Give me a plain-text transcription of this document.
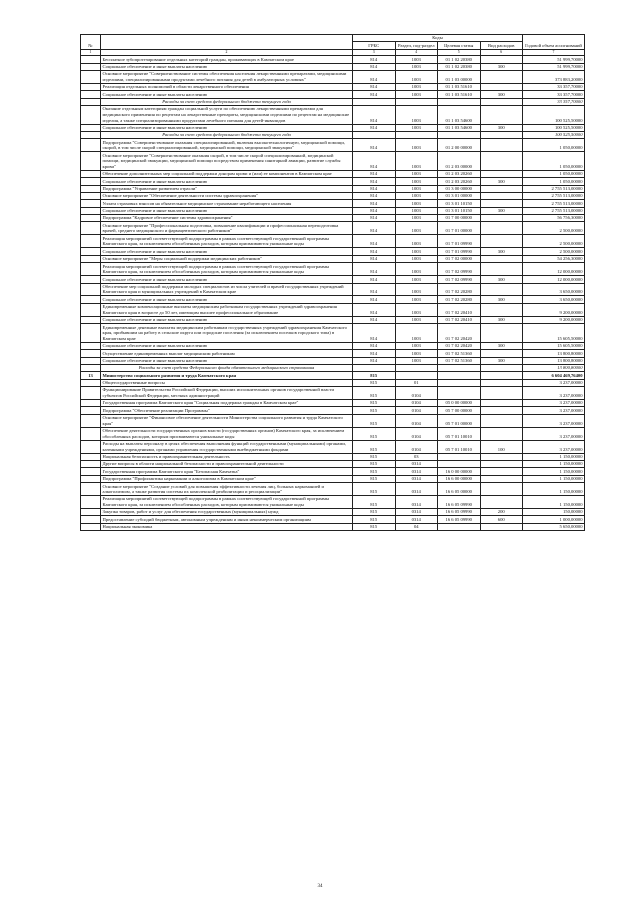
№		Коды				Годовой объем ассигнований
		ГРБС	Раздел, под-раздел	Целевая статья	Вид расходов	
1	2	3	4	5	6	7
	Бесплатное зубопротезирование отдельных категорий граждан, проживающих в Камчатском крае	814	1003	01 1 02 20380		51 999,70000
	Социальное обеспечение и иные выплаты населению	814	1003	01 1 02 20380	300	51 999,70000
	Основное мероприятие "Совершенствование системы обеспечения населения лекарственными препаратами, медицинскими изделиями, специализированными продуктами лечебного питания для детей в амбулаторных условиях"	814	1003	01 1 03 00000		373 883,20000
	Реализация отдельных полномочий в области лекарственного обеспечения	814	1003	01 1 03 51610		33 357,70000
	Социальное обеспечение и иные выплаты населению	814	1003	01 1 03 51610	300	33 357,70000
	Расходы за счет средств федерального бюджета текущего года					33 357,70000
	Оказание отдельным категориям граждан социальной услуги по обеспечению лекарственными препаратами для медицинского применения по рецептам на лекарственные препараты, медицинскими изделиями по рецептам на медицинские изделия, а также специализированными продуктами лечебного питания для детей-инвалидов	814	1003	01 1 03 54600		100 525,50000
	Социальное обеспечение и иные выплаты населению	814	1003	01 1 03 54600	300	100 525,50000
	Расходы за счет средств федерального бюджета текущего года					100 525,50000
	Подпрограмма "Совершенствование оказания специализированной, включая высокотехнологичную, медицинской помощи, скорой, в том числе скорой специализированной, медицинской помощи, медицинской эвакуации"	814	1003	01 2 00 00000		1 050,00000
	Основное мероприятие "Совершенствование оказания скорой, в том числе скорой специализированной, медицинской помощи, медицинской эвакуации, медицинской помощи посредством применения санитарной авиации, развитие службы крови"	814	1003	01 2 03 00000		1 050,00000
	Обеспечение дополнительных мер социальной поддержки донорам крови и (или) ее компонентов в Камчатском крае	814	1003	01 2 03 20260		1 050,00000
	Социальное обеспечение и иные выплаты населению	814	1003	01 2 03 20260	300	1 050,00000
	Подпрограмма "Управление развитием отрасли"	814	1003	01 3 00 00000		2 755 513,00000
	Основное мероприятие "Обеспечение деятельности системы здравоохранения"	814	1003	01 3 01 00000		2 755 513,00000
	Уплата страховых взносов на обязательное медицинское страхование неработающего населения	814	1003	01 3 01 10150		2 755 513,00000
	Социальное обеспечение и иные выплаты населению	814	1003	01 3 01 10150	300	2 755 513,00000
	Подпрограмма "Кадровое обеспечение системы здравоохранения"	814	1003	01 7 00 00000		56 756,30000
	Основное мероприятие "Профессиональная подготовка, повышение квалификации и профессиональная переподготовка врачей, среднего медицинского и фармацевтического работников"	814	1003	01 7 01 00000		2 500,00000
	Реализация мероприятий соответствующей подпрограммы в рамках соответствующей государственной программы Камчатского края, за исключением обособленных расходов, которым присваиваются уникальные коды	814	1003	01 7 01 09990		2 500,00000
	Социальное обеспечение и иные выплаты населению	814	1003	01 7 01 09990	300	2 500,00000
	Основное мероприятие "Меры социальной поддержки медицинских работников"	814	1003	01 7 02 00000		54 256,30000
	Реализация мероприятий соответствующей подпрограммы в рамках соответствующей государственной программы Камчатского края, за исключением обособленных расходов, которым присваиваются уникальные коды	814	1003	01 7 02 09990		12 000,00000
	Социальное обеспечение и иные выплаты населению	814	1003	01 7 02 09990	300	12 000,00000
	Обеспечение мер социальной поддержки молодых специалистов из числа учителей и врачей государственных учреждений Камчатского края и муниципальных учреждений в Камчатском крае	814	1003	01 7 02 20280		3 650,00000
	Социальное обеспечение и иные выплаты населению	814	1003	01 7 02 20280	300	3 650,00000
	Единовременные компенсационные выплаты медицинским работникам государственных учреждений здравоохранения Камчатского края в возрасте до 50 лет, имеющим высшее профессиональное образование	814	1003	01 7 02 20410		9 200,00000
	Социальное обеспечение и иные выплаты населению	814	1003	01 7 02 20410	300	9 200,00000
	Единовременные денежные выплаты медицинским работникам государственных учреждений здравоохранения Камчатского края, прибывшим на работу в сельские округа или городские поселения (за исключением поселков городского типа) в Камчатском крае	814	1003	01 7 02 20420		15 605,50000
	Социальное обеспечение и иные выплаты населению	814	1003	01 7 02 20420	300	15 605,50000
	Осуществление единовременных выплат медицинским работникам	814	1003	01 7 02 51360		13 800,80000
	Социальное обеспечение и иные выплаты населению	814	1003	01 7 02 51360	300	13 800,80000
	Расходы за счет средств Федерального фонда обязательного медицинского страхования					13 800,80000
13	Министерство социального развития и труда Камчатского края	815				6 604 469,76400
	Общегосударственные вопросы	815	01			3 237,00000
	Функционирование Правительства Российской Федерации, высших исполнительных органов государственной власти субъектов Российской Федерации, местных администраций	815	0104			3 237,00000
	Государственная программа Камчатского края "Социальная поддержка граждан в Камчатском крае"	815	0104	05 0 00 00000		3 237,00000
	Подпрограмма "Обеспечение реализации Программы"	815	0104	05 7 00 00000		3 237,00000
	Основное мероприятие "Финансовое обеспечение деятельности Министерства социального развития и труда Камчатского края"	815	0104	05 7 01 00000		3 237,00000
	Обеспечение деятельности государственных органов власти (государственных органов) Камчатского края, за исключением обособленных расходов, которым присваиваются уникальные коды	815	0104	05 7 01 10010		3 237,00000
	Расходы на выплаты персоналу в целях обеспечения выполнения функций государственными (муниципальными) органами, казенными учреждениями, органами управления государственными внебюджетными фондами	815	0104	05 7 01 10010	100	3 237,00000
	Национальная безопасность и правоохранительная деятельность	815	03			1 150,00000
	Другие вопросы в области национальной безопасности и правоохранительной деятельности	815	0314			1 150,00000
	Государственная программа Камчатского края "Безопасная Камчатка"	815	0314	16 0 00 00000		1 150,00000
	Подпрограмма "Профилактика наркомании и алкоголизма в Камчатском крае"	815	0314	16 6 00 00000		1 150,00000
	Основное мероприятие "Создание условий для повышения эффективности лечения лиц, больных наркоманией и алкоголизмом, а также развития системы их комплексной реабилитации и ресоциализации"	815	0314	16 6 05 00000		1 150,00000
	Реализация мероприятий соответствующей подпрограммы в рамках соответствующей государственной программы Камчатского края, за исключением обособленных расходов, которым присваиваются уникальные коды	815	0314	16 6 05 09990		1 150,00000
	Закупка товаров, работ и услуг для обеспечения государственных (муниципальных) нужд	815	0314	16 6 05 09990	200	150,00000
	Предоставление субсидий бюджетным, автономным учреждениям и иным некоммерческим организациям	815	0314	16 6 05 09990	600	1 000,00000
	Национальная экономика	815	04			5 650,00000
34
